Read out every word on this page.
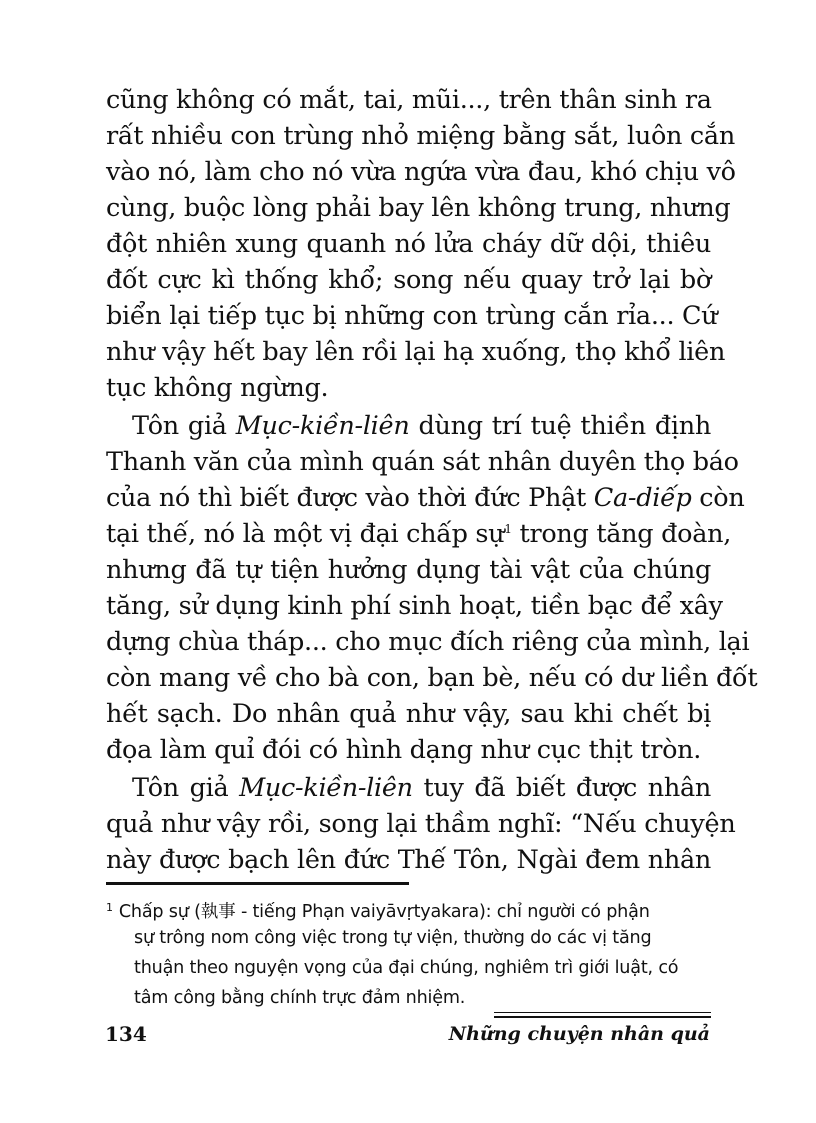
cũng không có mắt, tai, mũi..., trên thân sinh ra
rất nhiều con trùng nhỏ miệng bằng sắt, luôn cắn
vào nó, làm cho nó vừa ngứa vừa đau, khó chịu vô
cùng, buộc lòng phải bay lên không trung, nhưng
đột nhiên xung quanh nó lửa cháy dữ dội, thiêu
đốt cực kì thống khổ; song nếu quay trở lại bờ
biển lại tiếp tục bị những con trùng cắn rỉa... Cứ
như vậy hết bay lên rồi lại hạ xuống, thọ khổ liên
tục không ngừng.
Tôn giả Mục-kiền-liên dùng trí tuệ thiền định
Thanh văn của mình quán sát nhân duyên thọ báo
của nó thì biết được vào thời đức Phật Ca-diếp còn
tại thế, nó là một vị đại chấp sự$^1$ trong tăng đoàn,
nhưng đã tự tiện hưởng dụng tài vật của chúng
tăng, sử dụng kinh phí sinh hoạt, tiền bạc để xây
dựng chùa tháp... cho mục đích riêng của mình, lại
còn mang về cho bà con, bạn bè, nếu có dư liền đốt
hết sạch. Do nhân quả như vậy, sau khi chết bị
đọa làm quỉ đói có hình dạng như cục thịt tròn.
Tôn giả Mục-kiền-liên tuy đã biết được nhân
quả như vậy rồi, song lại thầm nghĩ: “Nếu chuyện
này được bạch lên đức Thế Tôn, Ngài đem nhân
$^1$ Chấp sự (執事 - tiếng Phạn vaiyāvṛtyakara): chỉ người có phận
sự trông nom công việc trong tự viện, thường do các vị tăng
thuận theo nguyện vọng của đại chúng, nghiêm trì giới luật, có
tâm công bằng chính trực đảm nhiệm.
134	Những chuyện nhân quả
